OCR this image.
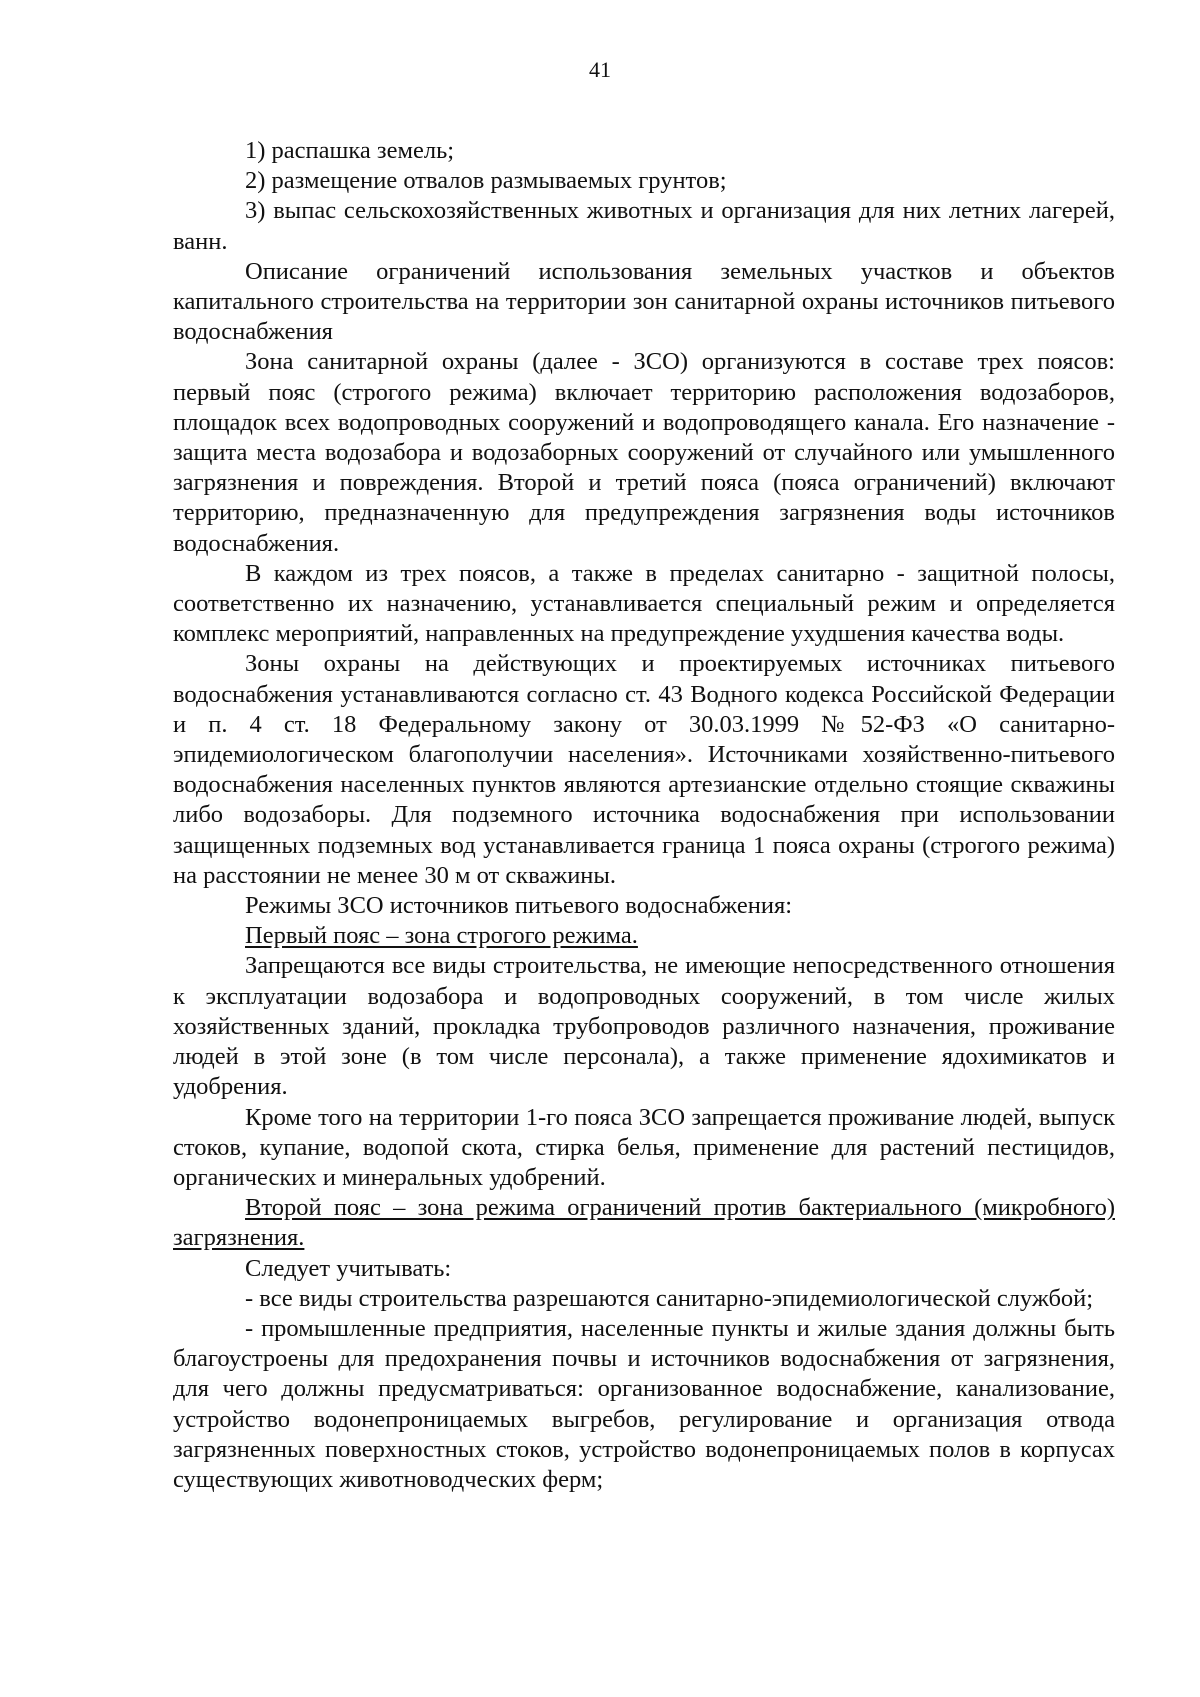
41

1) распашка земель;

2) размещение отвалов размываемых грунтов;

3) выпас сельскохозяйственных животных и организация для них летних лагерей, ванн.

Описание ограничений использования земельных участков и объектов капитального строительства на территории зон санитарной охраны источников питьевого водоснабжения

Зона санитарной охраны (далее - ЗСО) организуются в составе трех поясов: первый пояс (строгого режима) включает территорию расположения водозаборов, площадок всех водопроводных сооружений и водопроводящего канала. Его назначение - защита места водозабора и водозаборных сооружений от случайного или умышленного загрязнения и повреждения. Второй и третий пояса (пояса ограничений) включают территорию, предназначенную для предупреждения загрязнения воды источников водоснабжения.

В каждом из трех поясов, а также в пределах санитарно - защитной полосы, соответственно их назначению, устанавливается специальный режим и определяется комплекс мероприятий, направленных на предупреждение ухудшения качества воды.

Зоны охраны на действующих и проектируемых источниках питьевого водоснабжения устанавливаются согласно ст. 43 Водного кодекса Российской Федерации и п. 4 ст. 18 Федеральному закону от 30.03.1999 №52-ФЗ «О санитарно-эпидемиологическом благополучии населения». Источниками хозяйственно-питьевого водоснабжения населенных пунктов являются артезианские отдельно стоящие скважины либо водозаборы. Для подземного источника водоснабжения при использовании защищенных подземных вод устанавливается граница 1 пояса охраны (строгого режима) на расстоянии не менее 30 м от скважины.

Режимы ЗСО источников питьевого водоснабжения:

Первый пояс – зона строгого режима.

Запрещаются все виды строительства, не имеющие непосредственного отношения к эксплуатации водозабора и водопроводных сооружений, в том числе жилых хозяйственных зданий, прокладка трубопроводов различного назначения, проживание людей в этой зоне (в том числе персонала), а также применение ядохимикатов и удобрения.

Кроме того на территории 1-го пояса ЗСО запрещается проживание людей, выпуск стоков, купание, водопой скота, стирка белья, применение для растений пестицидов, органических и минеральных удобрений.

Второй пояс – зона режима ограничений против бактериального (микробного) загрязнения.

Следует учитывать:

- все виды строительства разрешаются санитарно-эпидемиологической службой;

- промышленные предприятия, населенные пункты и жилые здания должны быть благоустроены для предохранения почвы и источников водоснабжения от загрязнения, для чего должны предусматриваться: организованное водоснабжение, канализование, устройство водонепроницаемых выгребов, регулирование и организация отвода загрязненных поверхностных стоков, устройство водонепроницаемых полов в корпусах существующих животноводческих ферм;
